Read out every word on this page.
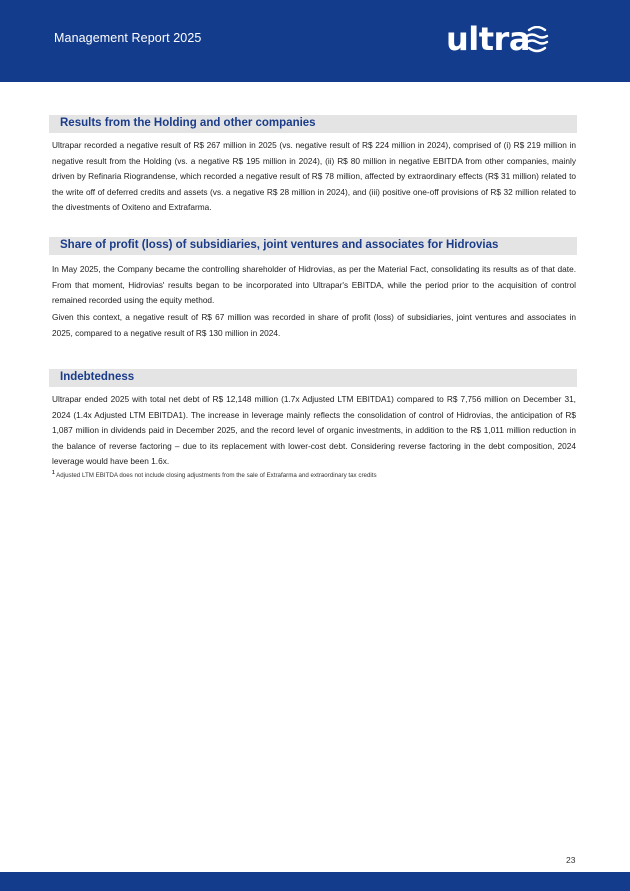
Management Report 2025	ultra
Results from the Holding and other companies

Ultrapar recorded a negative result of R$ 267 million in 2025 (vs. negative result of R$ 224 million in 2024), comprised of (i) R$ 219 million in negative result from the Holding (vs. a negative R$ 195 million in 2024), (ii) R$ 80 million in negative EBITDA from other companies, mainly driven by Refinaria Riograndense, which recorded a negative result of R$ 78 million, affected by extraordinary effects (R$ 31 million) related to the write off of deferred credits and assets (vs. a negative R$ 28 million in 2024), and (iii) positive one-off provisions of R$ 32 million related to the divestments of Oxiteno and Extrafarma.

Share of profit (loss) of subsidiaries, joint ventures and associates for Hidrovias

In May 2025, the Company became the controlling shareholder of Hidrovias, as per the Material Fact, consolidating its results as of that date. From that moment, Hidrovias' results began to be incorporated into Ultrapar's EBITDA, while the period prior to the acquisition of control remained recorded using the equity method.

Given this context, a negative result of R$ 67 million was recorded in share of profit (loss) of subsidiaries, joint ventures and associates in 2025, compared to a negative result of R$ 130 million in 2024.

Indebtedness

Ultrapar ended 2025 with total net debt of R$ 12,148 million (1.7x Adjusted LTM EBITDA1) compared to R$ 7,756 million on December 31, 2024 (1.4x Adjusted LTM EBITDA1). The increase in leverage mainly reflects the consolidation of control of Hidrovias, the anticipation of R$ 1,087 million in dividends paid in December 2025, and the record level of organic investments, in addition to the R$ 1,011 million reduction in the balance of reverse factoring – due to its replacement with lower-cost debt. Considering reverse factoring in the debt composition, 2024 leverage would have been 1.6x.

$^1$ Adjusted LTM EBITDA does not include closing adjustments from the sale of Extrafarma and extraordinary tax credits

23
